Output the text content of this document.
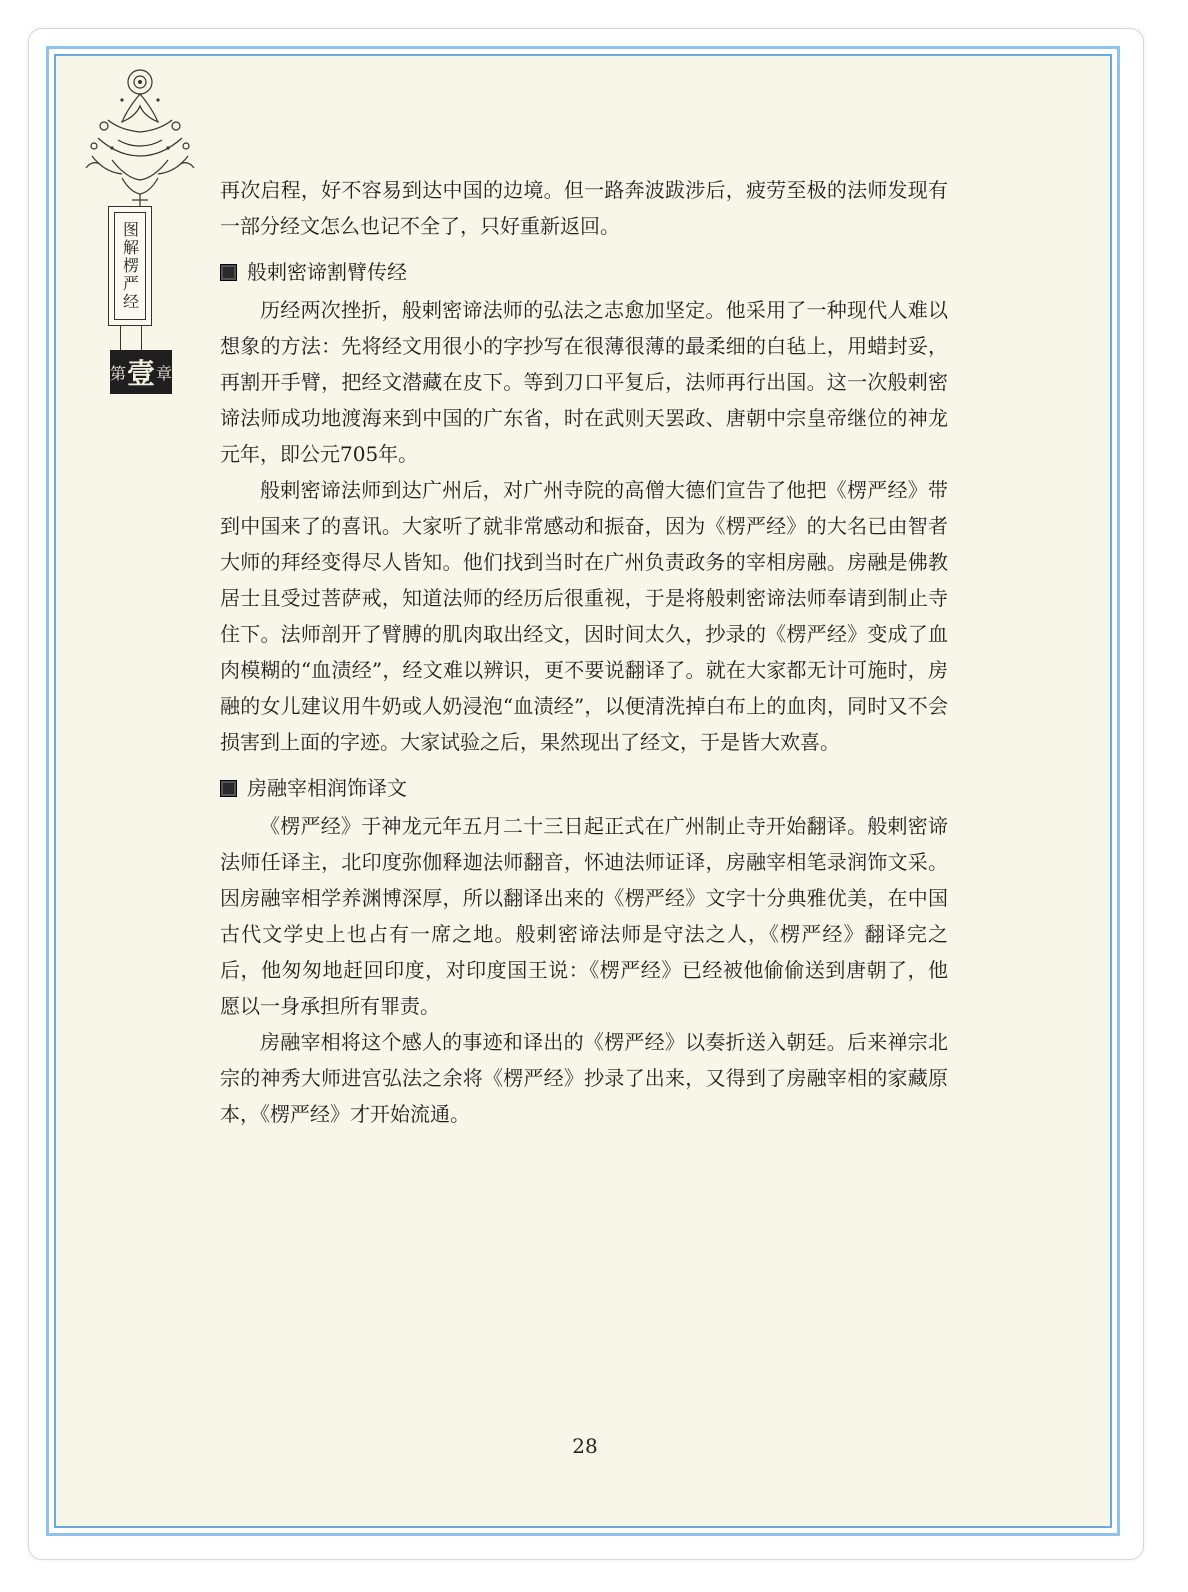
28
图解楞严经
第 壹 章

再次启程，好不容易到达中国的边境。但一路奔波跋涉后，疲劳至极的法师发现有一部分经文怎么也记不全了，只好重新返回。

般剌密谛割臂传经

历经两次挫折，般剌密谛法师的弘法之志愈加坚定。他采用了一种现代人难以想象的方法：先将经文用很小的字抄写在很薄很薄的最柔细的白毡上，用蜡封妥，再割开手臂，把经文潜藏在皮下。等到刀口平复后，法师再行出国。这一次般剌密谛法师成功地渡海来到中国的广东省，时在武则天罢政、唐朝中宗皇帝继位的神龙元年，即公元705年。

般剌密谛法师到达广州后，对广州寺院的高僧大德们宣告了他把《楞严经》带到中国来了的喜讯。大家听了就非常感动和振奋，因为《楞严经》的大名已由智者大师的拜经变得尽人皆知。他们找到当时在广州负责政务的宰相房融。房融是佛教居士且受过菩萨戒，知道法师的经历后很重视，于是将般剌密谛法师奉请到制止寺住下。法师剖开了臂膊的肌肉取出经文，因时间太久，抄录的《楞严经》变成了血肉模糊的“血渍经”，经文难以辨识，更不要说翻译了。就在大家都无计可施时，房融的女儿建议用牛奶或人奶浸泡“血渍经”，以便清洗掉白布上的血肉，同时又不会损害到上面的字迹。大家试验之后，果然现出了经文，于是皆大欢喜。

房融宰相润饰译文

《楞严经》于神龙元年五月二十三日起正式在广州制止寺开始翻译。般剌密谛法师任译主，北印度弥伽释迦法师翻音，怀迪法师证译，房融宰相笔录润饰文采。因房融宰相学养渊博深厚，所以翻译出来的《楞严经》文字十分典雅优美，在中国古代文学史上也占有一席之地。般剌密谛法师是守法之人，《楞严经》翻译完之后，他匆匆地赶回印度，对印度国王说：《楞严经》已经被他偷偷送到唐朝了，他愿以一身承担所有罪责。

房融宰相将这个感人的事迹和译出的《楞严经》以奏折送入朝廷。后来禅宗北宗的神秀大师进宫弘法之余将《楞严经》抄录了出来，又得到了房融宰相的家藏原本，《楞严经》才开始流通。
